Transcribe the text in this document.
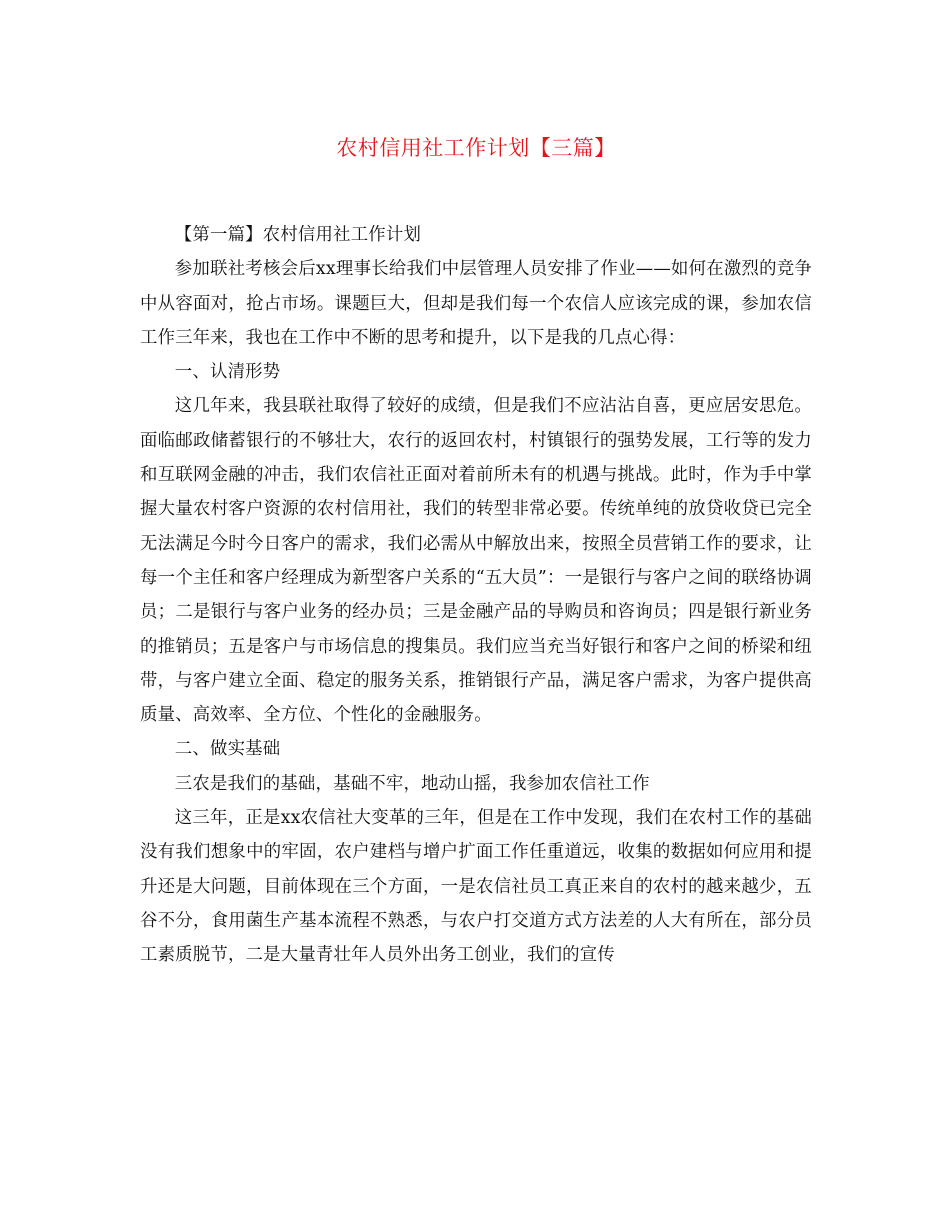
农村信用社工作计划【三篇】

【第一篇】农村信用社工作计划

参加联社考核会后xx理事长给我们中层管理人员安排了作业——如何在激烈的竞争中从容面对，抢占市场。课题巨大，但却是我们每一个农信人应该完成的课，参加农信工作三年来，我也在工作中不断的思考和提升，以下是我的几点心得：

一、认清形势

这几年来，我县联社取得了较好的成绩，但是我们不应沾沾自喜，更应居安思危。面临邮政储蓄银行的不够壮大，农行的返回农村，村镇银行的强势发展，工行等的发力和互联网金融的冲击，我们农信社正面对着前所未有的机遇与挑战。此时，作为手中掌握大量农村客户资源的农村信用社，我们的转型非常必要。传统单纯的放贷收贷已完全无法满足今时今日客户的需求，我们必需从中解放出来，按照全员营销工作的要求，让每一个主任和客户经理成为新型客户关系的“五大员”：一是银行与客户之间的联络协调员；二是银行与客户业务的经办员；三是金融产品的导购员和咨询员；四是银行新业务的推销员；五是客户与市场信息的搜集员。我们应当充当好银行和客户之间的桥梁和纽带，与客户建立全面、稳定的服务关系，推销银行产品，满足客户需求，为客户提供高质量、高效率、全方位、个性化的金融服务。

二、做实基础

三农是我们的基础，基础不牢，地动山摇，我参加农信社工作

这三年，正是xx农信社大变革的三年，但是在工作中发现，我们在农村工作的基础没有我们想象中的牢固，农户建档与增户扩面工作任重道远，收集的数据如何应用和提升还是大问题，目前体现在三个方面，一是农信社员工真正来自的农村的越来越少，五谷不分，食用菌生产基本流程不熟悉，与农户打交道方式方法差的人大有所在，部分员工素质脱节，二是大量青壮年人员外出务工创业，我们的宣传
